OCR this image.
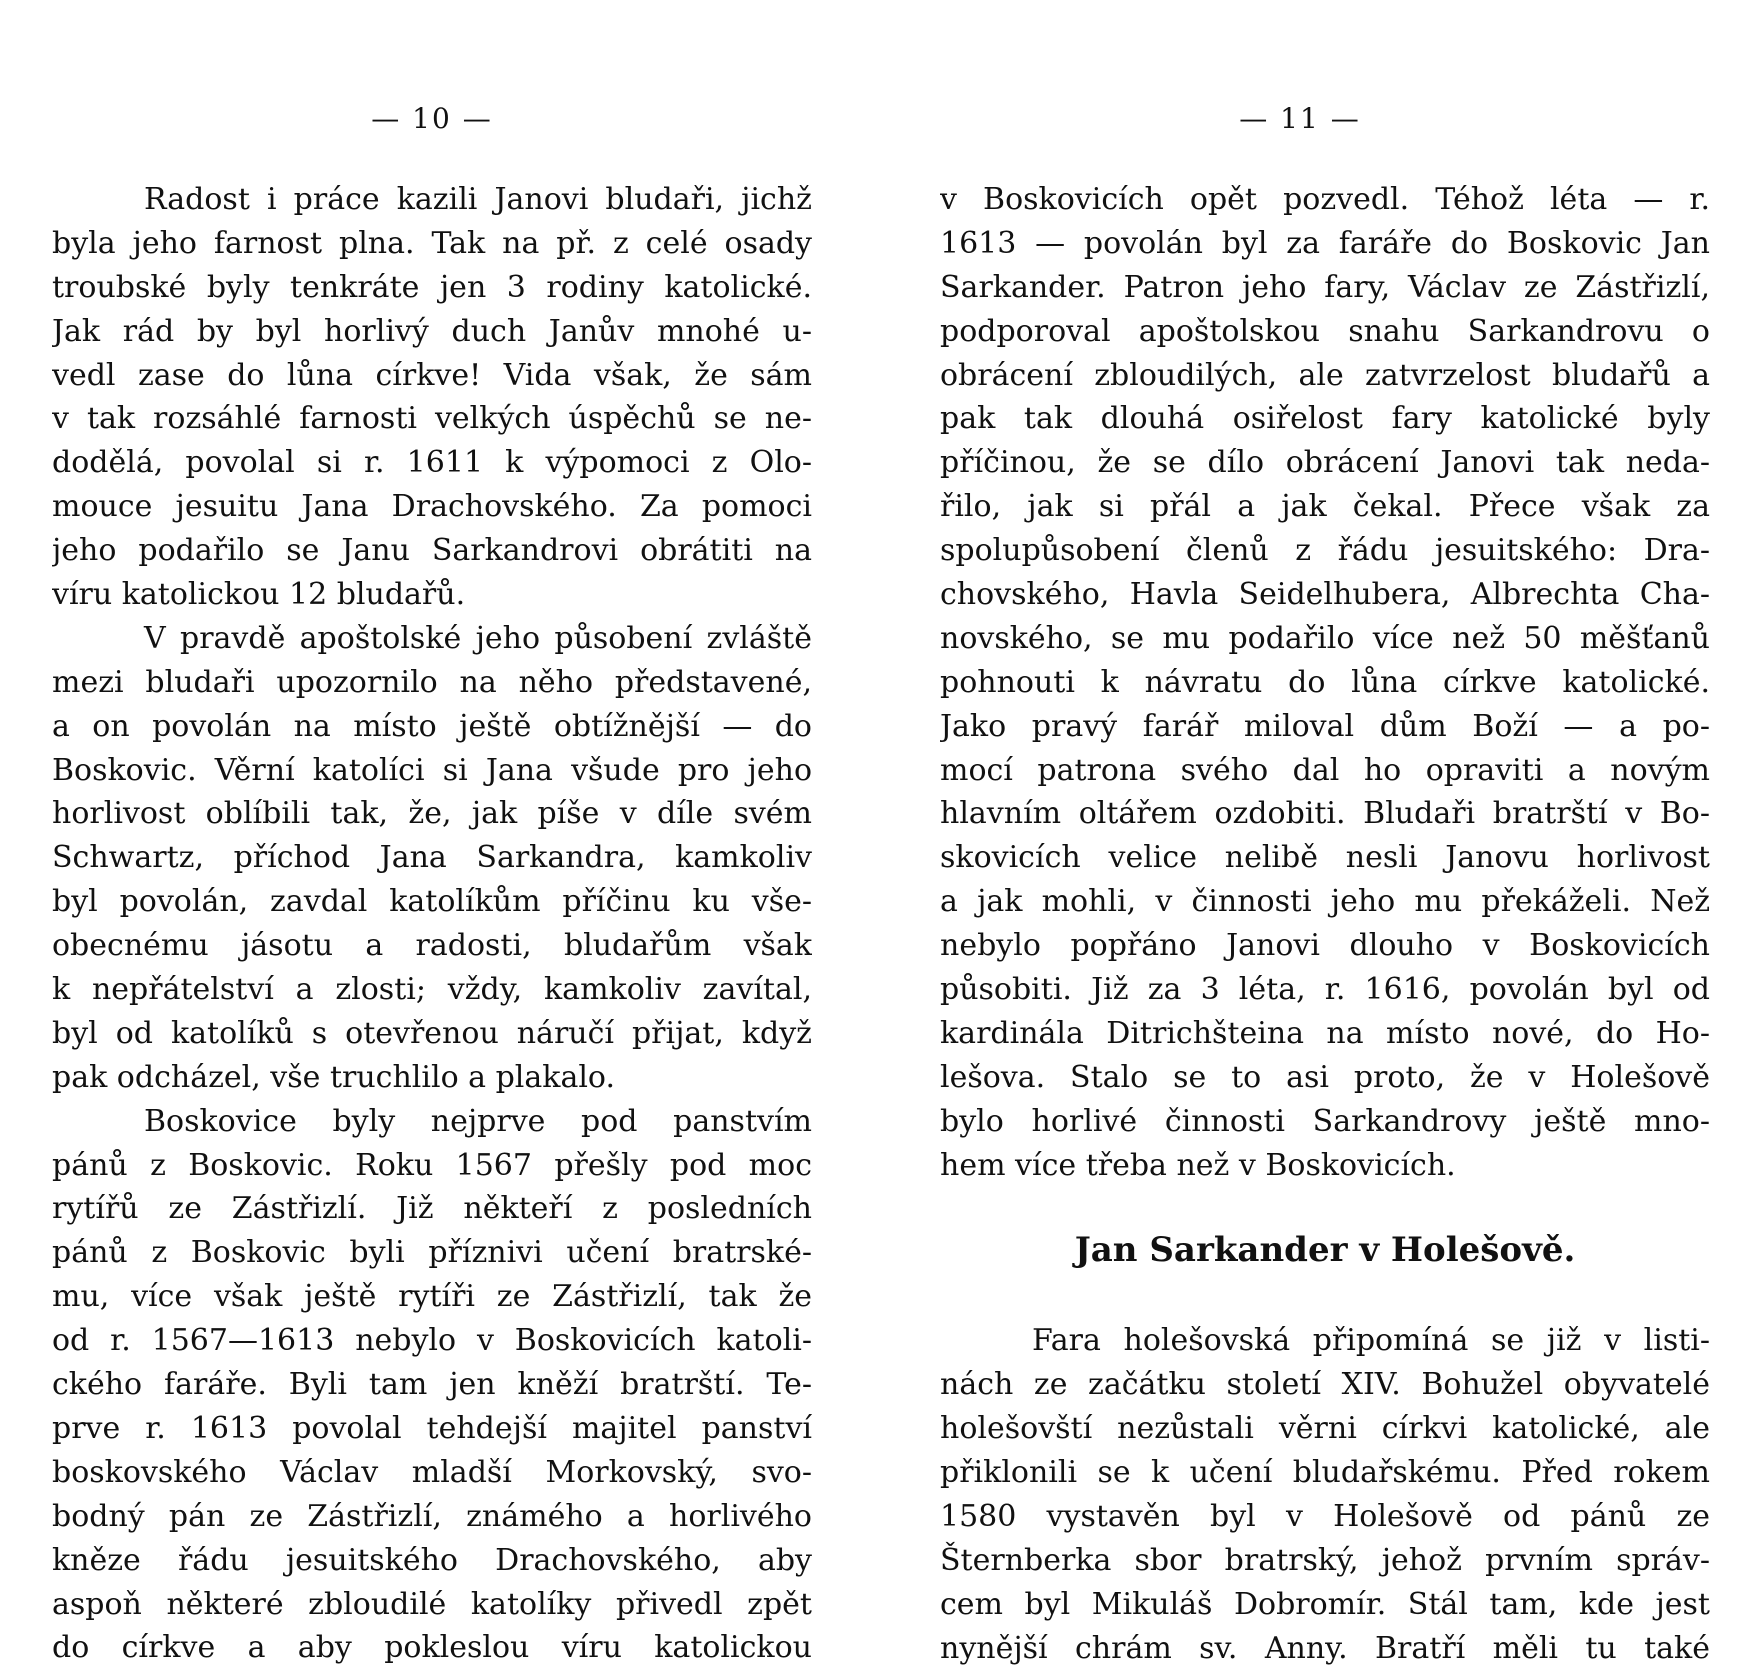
— 10 —
Radost i práce kazili Janovi bludaři, jichž
byla jeho farnost plna. Tak na př. z celé osady
troubské byly tenkráte jen 3 rodiny katolické.
Jak rád by byl horlivý duch Janův mnohé u-
vedl zase do lůna církve! Vida však, že sám
v tak rozsáhlé farnosti velkých úspěchů se ne-
dodělá, povolal si r. 1611 k výpomoci z Olo-
mouce jesuitu Jana Drachovského. Za pomoci
jeho podařilo se Janu Sarkandrovi obrátiti na
víru katolickou 12 bludařů.
V pravdě apoštolské jeho působení zvláště
mezi bludaři upozornilo na něho představené,
a on povolán na místo ještě obtížnější — do
Boskovic. Věrní katolíci si Jana všude pro jeho
horlivost oblíbili tak, že, jak píše v díle svém
Schwartz, příchod Jana Sarkandra, kamkoliv
byl povolán, zavdal katolíkům příčinu ku vše-
obecnému jásotu a radosti, bludařům však
k nepřátelství a zlosti; vždy, kamkoliv zavítal,
byl od katolíků s otevřenou náručí přijat, když
pak odcházel, vše truchlilo a plakalo.
Boskovice byly nejprve pod panstvím
pánů z Boskovic. Roku 1567 přešly pod moc
rytířů ze Zástřizlí. Již někteří z posledních
pánů z Boskovic byli příznivi učení bratrské-
mu, více však ještě rytíři ze Zástřizlí, tak že
od r. 1567—1613 nebylo v Boskovicích katoli-
ckého faráře. Byli tam jen kněží bratrští. Te-
prve r. 1613 povolal tehdejší majitel panství
boskovského Václav mladší Morkovský, svo-
bodný pán ze Zástřizlí, známého a horlivého
kněze řádu jesuitského Drachovského, aby
aspoň některé zbloudilé katolíky přivedl zpět
do církve a aby pokleslou víru katolickou
— 11 —
v Boskovicích opět pozvedl. Téhož léta — r.
1613 — povolán byl za faráře do Boskovic Jan
Sarkander. Patron jeho fary, Václav ze Zástřizlí,
podporoval apoštolskou snahu Sarkandrovu o
obrácení zbloudilých, ale zatvrzelost bludařů a
pak tak dlouhá osiřelost fary katolické byly
příčinou, že se dílo obrácení Janovi tak neda-
řilo, jak si přál a jak čekal. Přece však za
spolupůsobení členů z řádu jesuitského: Dra-
chovského, Havla Seidelhubera, Albrechta Cha-
novského, se mu podařilo více než 50 měšťanů
pohnouti k návratu do lůna církve katolické.
Jako pravý farář miloval dům Boží — a po-
mocí patrona svého dal ho opraviti a novým
hlavním oltářem ozdobiti. Bludaři bratrští v Bo-
skovicích velice nelibě nesli Janovu horlivost
a jak mohli, v činnosti jeho mu překáželi. Než
nebylo popřáno Janovi dlouho v Boskovicích
působiti. Již za 3 léta, r. 1616, povolán byl od
kardinála Ditrichšteina na místo nové, do Ho-
lešova. Stalo se to asi proto, že v Holešově
bylo horlivé činnosti Sarkandrovy ještě mno-
hem více třeba než v Boskovicích.
Jan Sarkander v Holešově.
Fara holešovská připomíná se již v listi-
nách ze začátku století XIV. Bohužel obyvatelé
holešovští nezůstali věrni církvi katolické, ale
přiklonili se k učení bludařskému. Před rokem
1580 vystavěn byl v Holešově od pánů ze
Šternberka sbor bratrský, jehož prvním správ-
cem byl Mikuláš Dobromír. Stál tam, kde jest
nynější chrám sv. Anny. Bratří měli tu také
